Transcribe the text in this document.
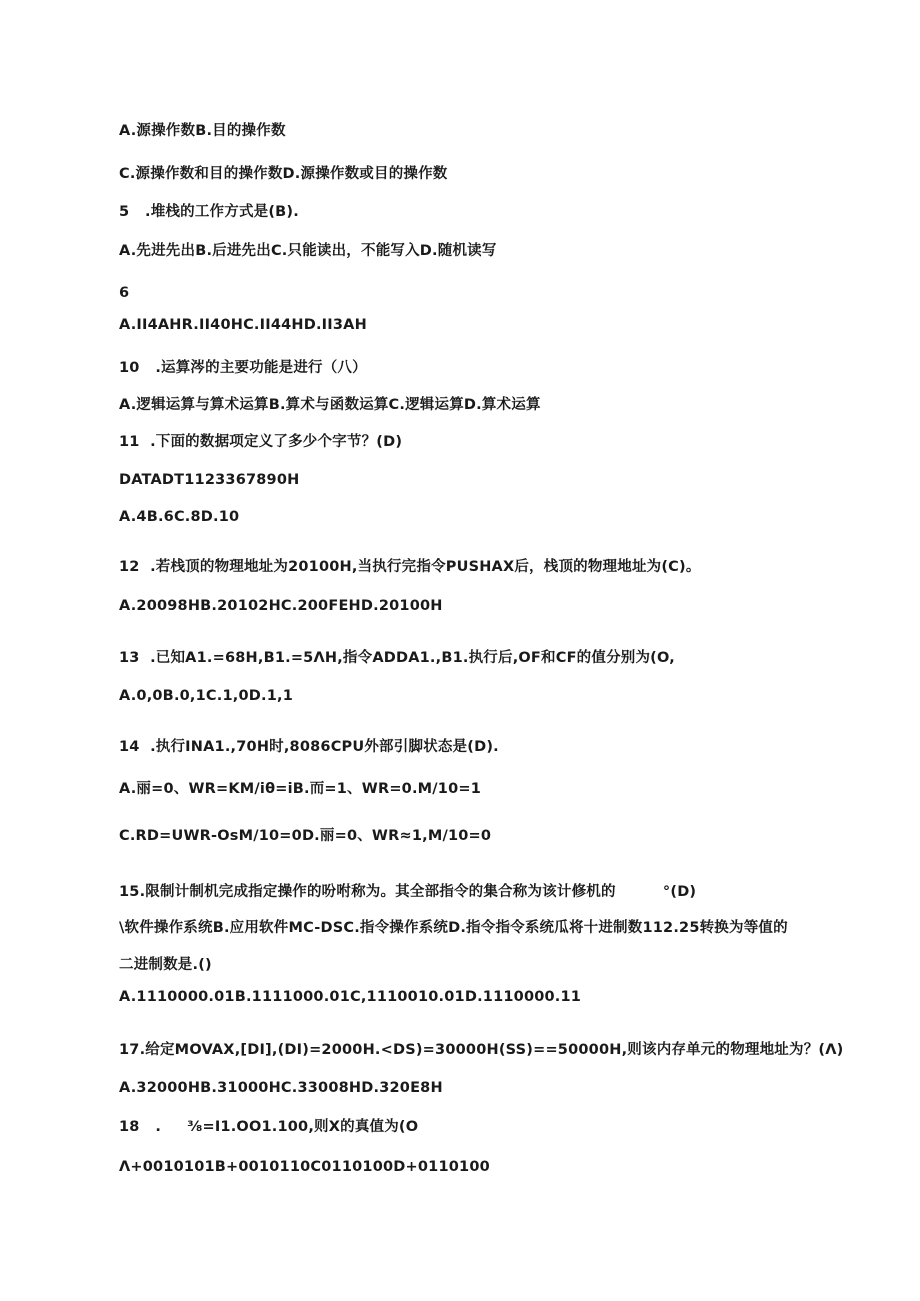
A.源操作数B.目的操作数
C.源操作数和目的操作数D.源操作数或目的操作数
5   .堆栈的工作方式是(B).
A.先进先出B.后进先出C.只能读出，不能写入D.随机读写
6
A.II4AHR.II40HC.II44HD.II3AH
10   .运算涔的主要功能是进行（八）
A.逻辑运算与算术运算B.算术与函数运算C.逻辑运算D.算术运算
11  .下面的数据项定义了多少个字节？(D)
DATADT1123367890H
A.4B.6C.8D.10
12  .若栈顶的物理地址为20100H,当执行完指令PUSHAX后，栈顶的物理地址为(C)。
A.20098HB.20102HC.200FEHD.20100H
13  .已知A1.=68H,B1.=5ΛH,指令ADDA1.,B1.执行后,OF和CF的值分别为(O,
A.0,0B.0,1C.1,0D.1,1
14  .执行INA1.,70H时,8086CPU外部引脚状态是(D).
A.丽=0、WR=KM/iθ=iB.而=1、WR=0.M/10=1
C.RD=UWR-OsM/10=0D.丽=0、WR≈1,M/10=0
15.限制计制机完成指定操作的吩咐称为。其全部指令的集合称为该计修机的         °(D)
\软件操作系统B.应用软件MC-DSC.指令操作系统D.指令指令系统瓜将十进制数112.25转换为等值的
二进制数是.()
A.1110000.01B.1111000.01C,1110010.01D.1110000.11
17.给定MOVAX,[DI],(DI)=2000H.<DS)=30000H(SS)==50000H,则该内存单元的物理地址为？(Λ)
A.32000HB.31000HC.33008HD.320E8H
18   .     ⅜=I1.OO1.100,则X的真值为(O
Λ+0010101B+0010110C0110100D+0110100
